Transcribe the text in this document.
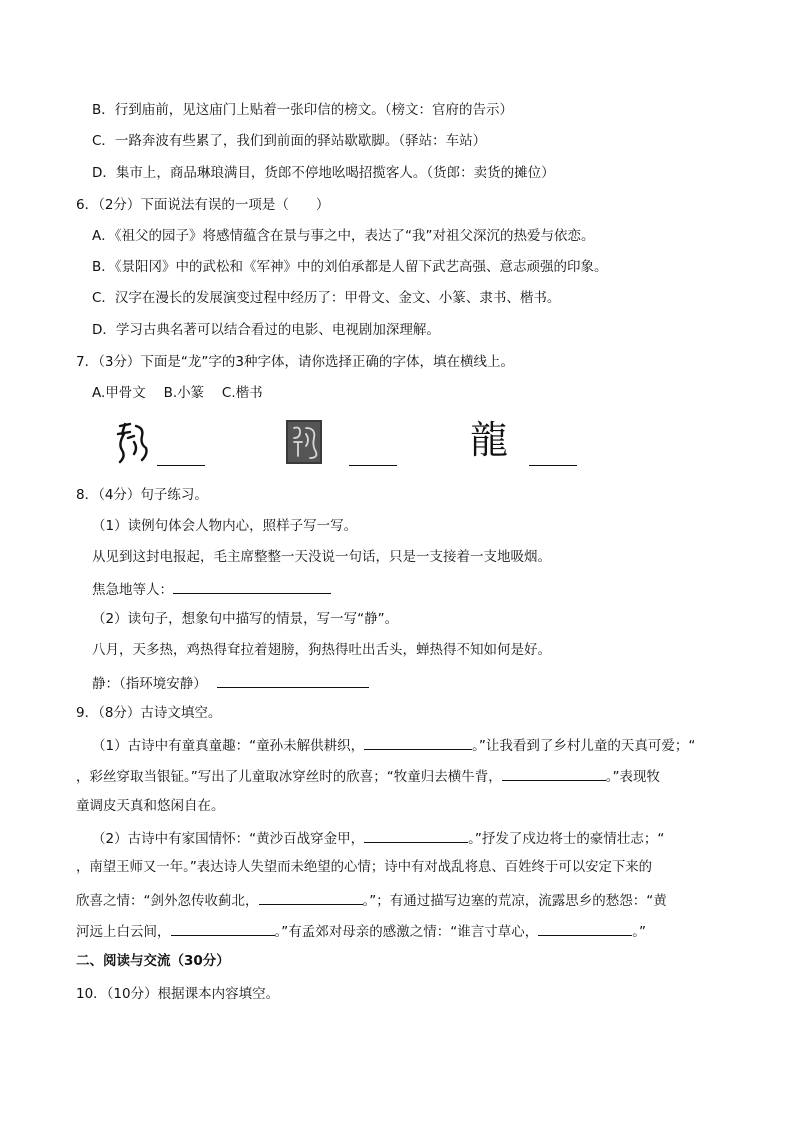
B．行到庙前，见这庙门上贴着一张印信的榜文。（榜文：官府的告示）
C．一路奔波有些累了，我们到前面的驿站歇歇脚。（驿站：车站）
D．集市上，商品琳琅满目，货郎不停地吆喝招揽客人。（货郎：卖货的摊位）
6．（2分）下面说法有误的一项是（　　）
A．《祖父的园子》将感情蕴含在景与事之中，表达了“我”对祖父深沉的热爱与依恋。
B．《景阳冈》中的武松和《军神》中的刘伯承都是人留下武艺高强、意志顽强的印象。
C．汉字在漫长的发展演变过程中经历了：甲骨文、金文、小篆、隶书、楷书。
D．学习古典名著可以结合看过的电影、电视剧加深理解。
7．（3分）下面是“龙”字的3种字体，请你选择正确的字体，填在横线上。
A.甲骨文　 B.小篆　 C.楷书
龍
8．（4分）句子练习。
（1）读例句体会人物内心，照样子写一写。
从见到这封电报起，毛主席整整一天没说一句话，只是一支接着一支地吸烟。
焦急地等人：
（2）读句子，想象句中描写的情景，写一写“静”。
八月，天多热，鸡热得耷拉着翅膀，狗热得吐出舌头，蝉热得不知如何是好。
静：（指环境安静）
9．（8分）古诗文填空。
（1）古诗中有童真童趣：“童孙未解供耕织，	。”让我看到了乡村儿童的天真可爱；“
，彩丝穿取当银钲。”写出了儿童取冰穿丝时的欣喜；“牧童归去横牛背，	。”表现牧
童调皮天真和悠闲自在。
（2）古诗中有家国情怀：“黄沙百战穿金甲，	。”抒发了戍边将士的豪情壮志；“
，南望王师又一年。”表达诗人失望而未绝望的心情；诗中有对战乱将息、百姓终于可以安定下来的
欣喜之情：“剑外忽传收蓟北，	。”；有通过描写边塞的荒凉，流露思乡的愁怨：“黄
河远上白云间，	。”有孟郊对母亲的感激之情：“谁言寸草心，	。”
二、阅读与交流（30分）
10．（10分）根据课本内容填空。
